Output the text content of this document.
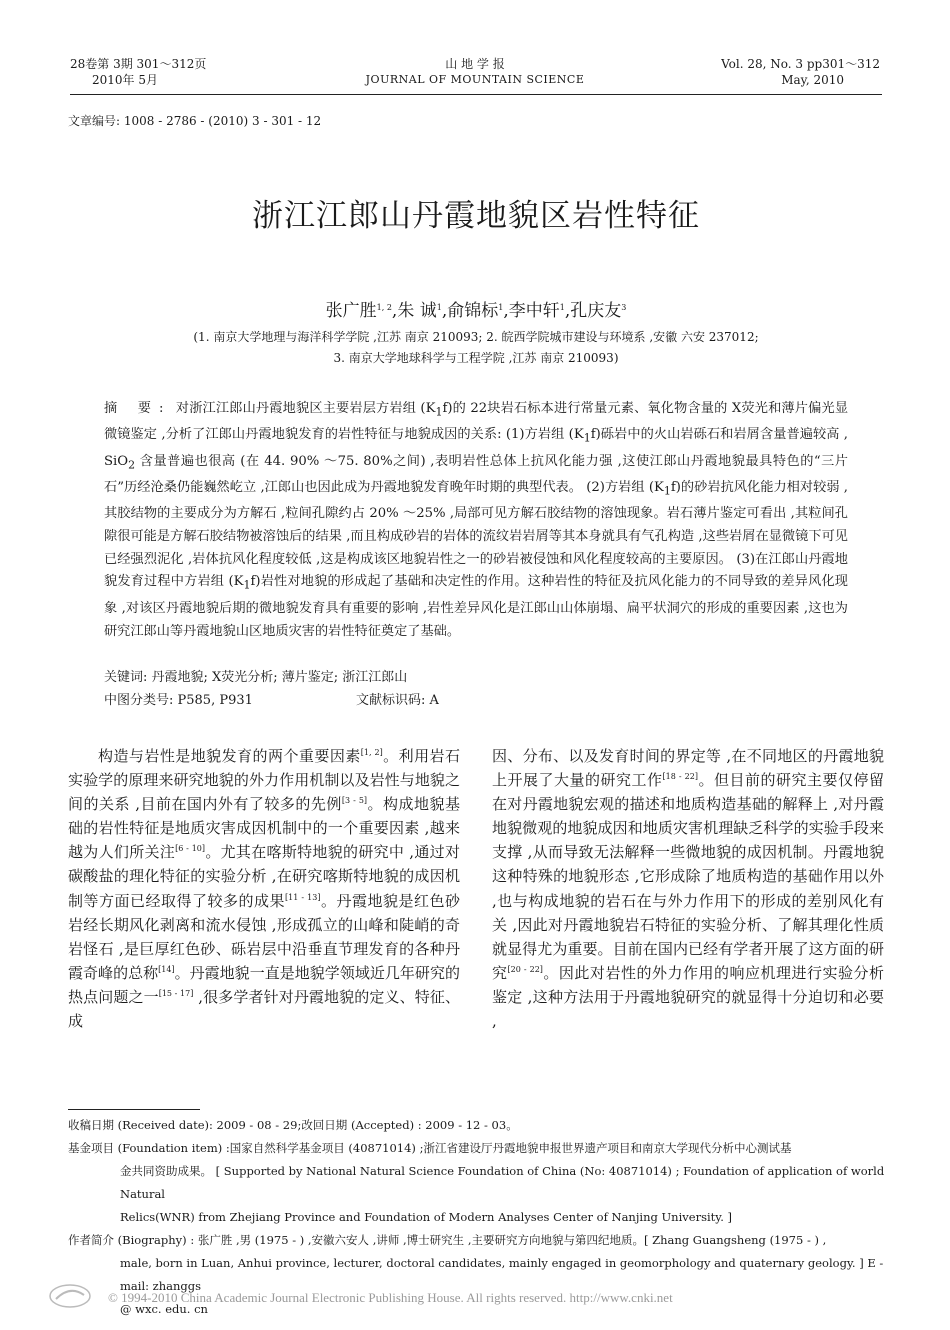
28卷第 3期 301～312页
2010年 5月
山 地 学 报
JOURNAL OF MOUNTAIN SCIENCE
Vol. 28, No. 3 pp301～312
May, 2010
文章编号: 1008 - 2786 - (2010) 3 - 301 - 12
浙江江郎山丹霞地貌区岩性特征
张广胜$^{1, 2}$,朱 诚$^1$,俞锦标$^1$,李中轩$^1$,孔庆友$^3$
(1. 南京大学地理与海洋科学学院 ,江苏 南京 210093; 2. 皖西学院城市建设与环境系 ,安徽 六安 237012;
3. 南京大学地球科学与工程学院 ,江苏 南京 210093)
摘 要: 对浙江江郎山丹霞地貌区主要岩层方岩组 $(K_1f)$的 22块岩石标本进行常量元素、氧化物含量的 X荧光和薄片偏光显微镜鉴定 ,分析了江郎山丹霞地貌发育的岩性特征与地貌成因的关系: (1)方岩组 $(K_1f)$砾岩中的火山岩砾石和岩屑含量普遍较高 , SiO$_2$ 含量普遍也很高 (在 44. 90% ～75. 80%之间) ,表明岩性总体上抗风化能力强 ,这使江郎山丹霞地貌最具特色的“三片石”历经沧桑仍能巍然屹立 ,江郎山也因此成为丹霞地貌发育晚年时期的典型代表。 (2)方岩组 $(K_1f)$的砂岩抗风化能力相对较弱 ,其胶结物的主要成分为方解石 ,粒间孔隙约占 20% ～25% ,局部可见方解石胶结物的溶蚀现象。岩石薄片鉴定可看出 ,其粒间孔隙很可能是方解石胶结物被溶蚀后的结果 ,而且构成砂岩的岩体的流纹岩岩屑等其本身就具有气孔构造 ,这些岩屑在显微镜下可见已经强烈泥化 ,岩体抗风化程度较低 ,这是构成该区地貌岩性之一的砂岩被侵蚀和风化程度较高的主要原因。 (3)在江郎山丹霞地貌发育过程中方岩组 $(K_1f)$岩性对地貌的形成起了基础和决定性的作用。这种岩性的特征及抗风化能力的不同导致的差异风化现象 ,对该区丹霞地貌后期的微地貌发育具有重要的影响 ,岩性差异风化是江郎山山体崩塌、扁平状洞穴的形成的重要因素 ,这也为研究江郎山等丹霞地貌山区地质灾害的岩性特征奠定了基础。
关键词: 丹霞地貌; X荧光分析; 薄片鉴定; 浙江江郎山
中图分类号: P585, P931	文献标识码: A
构造与岩性是地貌发育的两个重要因素[1, 2]。利用岩石实验学的原理来研究地貌的外力作用机制以及岩性与地貌之间的关系 ,目前在国内外有了较多的先例[3 - 5]。构成地貌基础的岩性特征是地质灾害成因机制中的一个重要因素 ,越来越为人们所关注[6 - 10]。尤其在喀斯特地貌的研究中 ,通过对碳酸盐的理化特征的实验分析 ,在研究喀斯特地貌的成因机制等方面已经取得了较多的成果[11 - 13]。丹霞地貌是红色砂岩经长期风化剥离和流水侵蚀 ,形成孤立的山峰和陡峭的奇岩怪石 ,是巨厚红色砂、砾岩层中沿垂直节理发育的各种丹霞奇峰的总称[14]。丹霞地貌一直是地貌学领域近几年研究的热点问题之一[15 - 17] ,很多学者针对丹霞地貌的定义、特征、成
因、分布、以及发育时间的界定等 ,在不同地区的丹霞地貌上开展了大量的研究工作[18 - 22]。但目前的研究主要仅停留在对丹霞地貌宏观的描述和地质构造基础的解释上 ,对丹霞地貌微观的地貌成因和地质灾害机理缺乏科学的实验手段来支撑 ,从而导致无法解释一些微地貌的成因机制。丹霞地貌这种特殊的地貌形态 ,它形成除了地质构造的基础作用以外 ,也与构成地貌的岩石在与外力作用下的形成的差别风化有关 ,因此对丹霞地貌岩石特征的实验分析、了解其理化性质就显得尤为重要。目前在国内已经有学者开展了这方面的研究[20 - 22]。因此对岩性的外力作用的响应机理进行实验分析鉴定 ,这种方法用于丹霞地貌研究的就显得十分迫切和必要 ,
收稿日期 (Received date): 2009 - 08 - 29;改回日期 (Accepted) : 2009 - 12 - 03。
基金项目 (Foundation item) :国家自然科学基金项目 (40871014) ;浙江省建设厅丹霞地貌申报世界遗产项目和南京大学现代分析中心测试基
金共同资助成果。 [ Supported by National Natural Science Foundation of China (No: 40871014) ; Foundation of application of world Natural
Relics(WNR) from Zhejiang Province and Foundation of Modern Analyses Center of Nanjing University. ]
作者简介 (Biography) : 张广胜 ,男 (1975 - ) ,安徽六安人 ,讲师 ,博士研究生 ,主要研究方向地貌与第四纪地质。[ Zhang Guangsheng (1975 - ) ,
male, born in Luan, Anhui province, lecturer, doctoral candidates, mainly engaged in geomorphology and quaternary geology. ] E - mail: zhanggs
@ wxc. edu. cn
© 1994-2010 China Academic Journal Electronic Publishing House. All rights reserved. http://www.cnki.net
